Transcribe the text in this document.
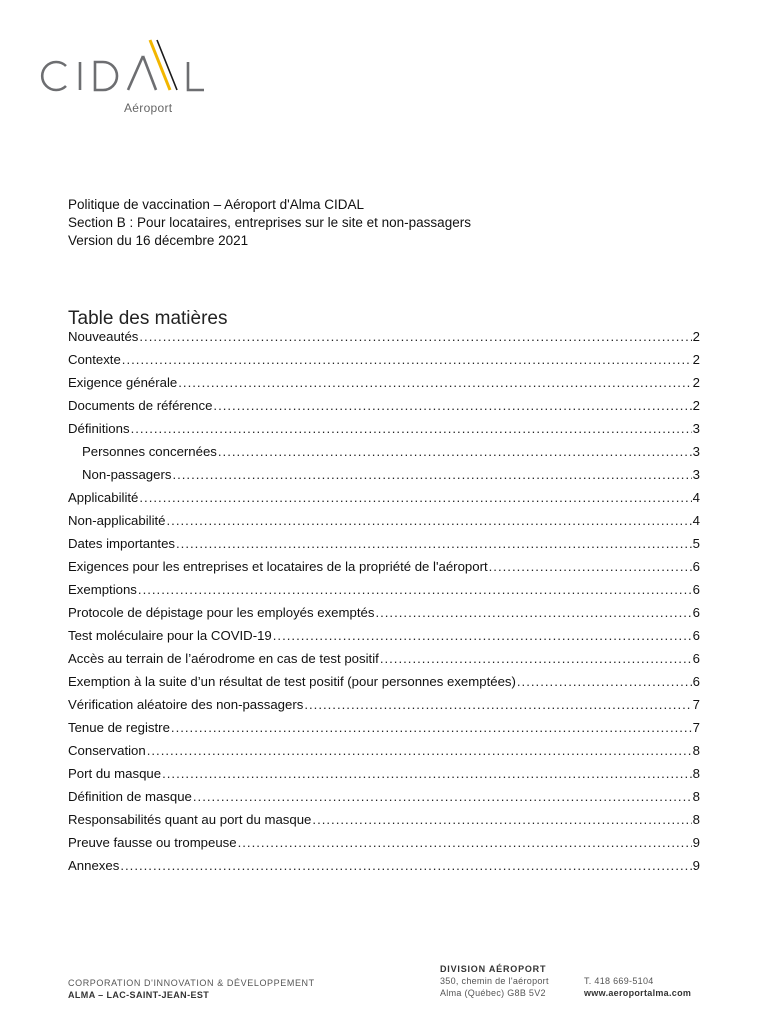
Aéroport
Politique de vaccination – Aéroport d'Alma CIDAL
Section B : Pour locataires, entreprises sur le site et non-passagers
Version du 16 décembre 2021
Table des matières
Nouveautés .....	2
Contexte .....	2
Exigence générale .....	2
Documents de référence .....	2
Définitions .....	3
Personnes concernées .....	3
Non-passagers .....	3
Applicabilité .....	4
Non-applicabilité .....	4
Dates importantes .....	5
Exigences pour les entreprises et locataires de la propriété de l'aéroport .....	6
Exemptions .....	6
Protocole de dépistage pour les employés exemptés .....	6
Test moléculaire pour la COVID-19 .....	6
Accès au terrain de l’aérodrome en cas de test positif .....	6
Exemption à la suite d’un résultat de test positif (pour personnes exemptées) .....	6
Vérification aléatoire des non-passagers .....	7
Tenue de registre .....	7
Conservation .....	8
Port du masque .....	8
Définition de masque .....	8
Responsabilités quant au port du masque .....	8
Preuve fausse ou trompeuse .....	9
Annexes .....	9
CORPORATION D'INNOVATION & DÉVELOPPEMENT
ALMA – LAC-SAINT-JEAN-EST
DIVISION AÉROPORT
350, chemin de l'aéroport
Alma (Québec) G8B 5V2
T. 418 669-5104
www.aeroportalma.com
